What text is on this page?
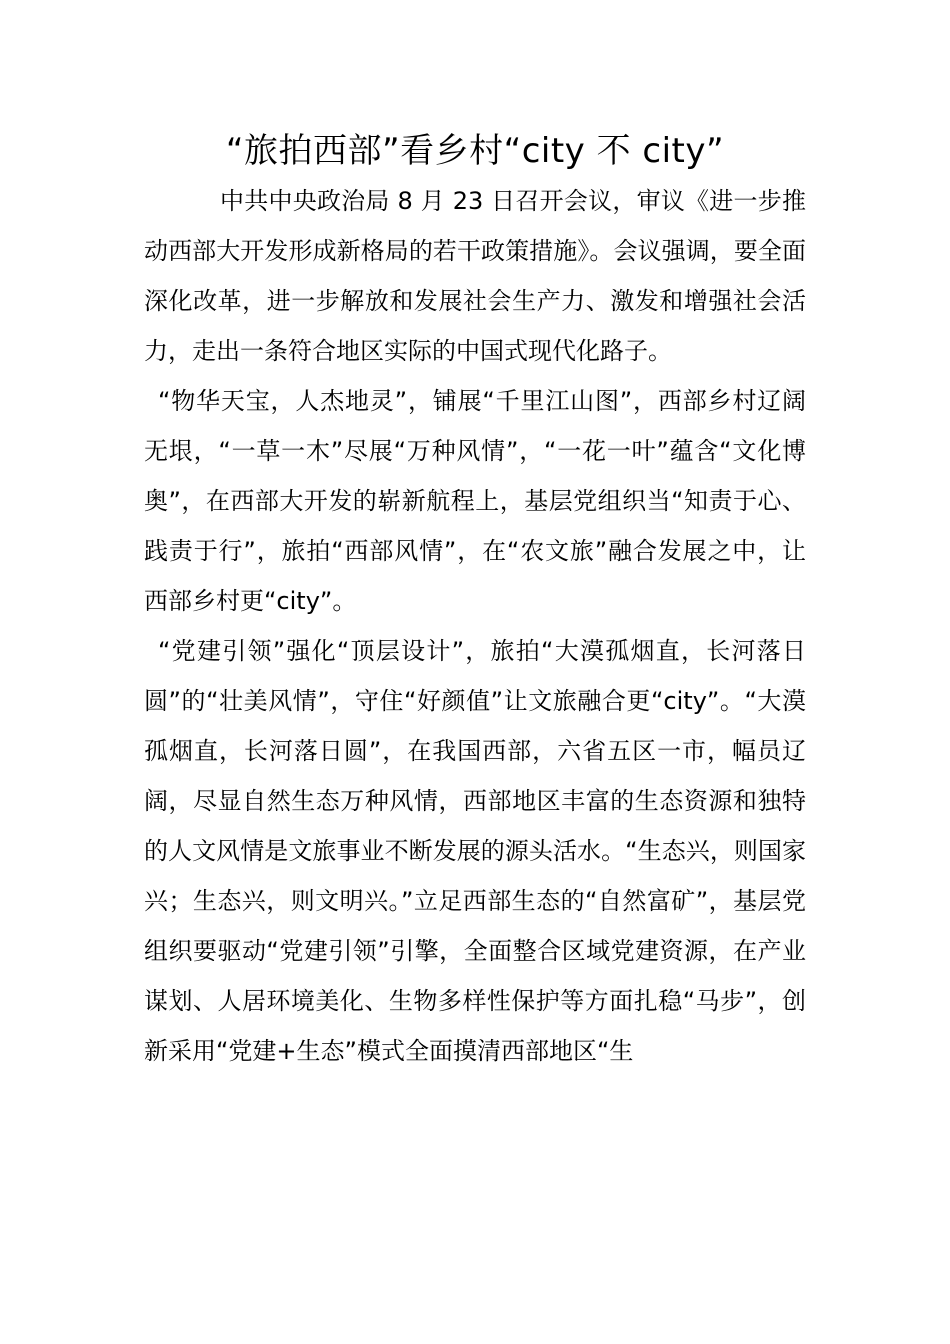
“旅拍西部”看乡村“city 不 city”

中共中央政治局 8 月 23 日召开会议，审议《进一步推动西部大开发形成新格局的若干政策措施》。会议强调，要全面深化改革，进一步解放和发展社会生产力、激发和增强社会活力，走出一条符合地区实际的中国式现代化路子。

“物华天宝，人杰地灵”，铺展“千里江山图”，西部乡村辽阔无垠，“一草一木”尽展“万种风情”，“一花一叶”蕴含“文化博奥”，在西部大开发的崭新航程上，基层党组织当“知责于心、践责于行”，旅拍“西部风情”，在“农文旅”融合发展之中，让西部乡村更“city”。

“党建引领”强化“顶层设计”，旅拍“大漠孤烟直，长河落日圆”的“壮美风情”，守住“好颜值”让文旅融合更“city”。“大漠孤烟直，长河落日圆”，在我国西部，六省五区一市，幅员辽阔，尽显自然生态万种风情，西部地区丰富的生态资源和独特的人文风情是文旅事业不断发展的源头活水。“生态兴，则国家兴；生态兴，则文明兴。”立足西部生态的“自然富矿”，基层党组织要驱动“党建引领”引擎，全面整合区域党建资源，在产业谋划、人居环境美化、生物多样性保护等方面扎稳“马步”，创新采用“党建+生态”模式全面摸清西部地区“生
